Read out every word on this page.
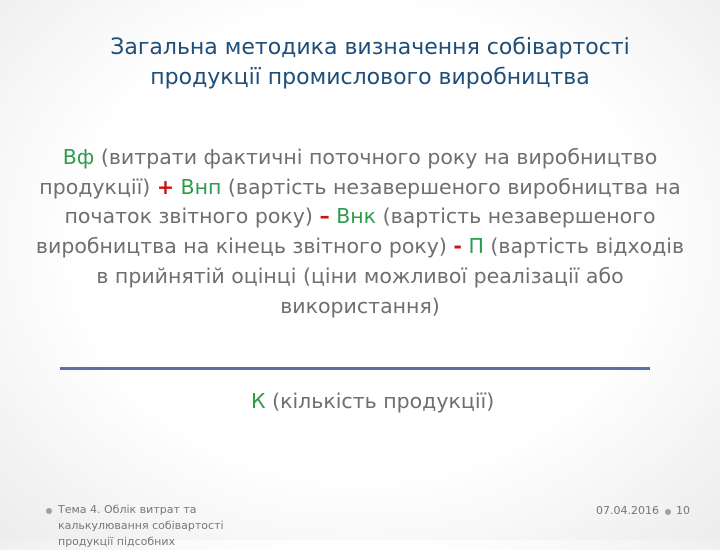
Загальна методика визначення собівартості
продукції промислового виробництва

Вф (витрати фактичні поточного року на виробництво продукції) + Внп (вартість незавершеного виробництва на початок звітного року) – Внк (вартість незавершеного виробництва на кінець звітного року) - П (вартість відходів в прийнятій оцінці (ціни можливої реалізації або використання)

К (кількість продукції)

Тема 4. Облік витрат та калькулювання собівартості продукції підсобних
07.04.2016 10
